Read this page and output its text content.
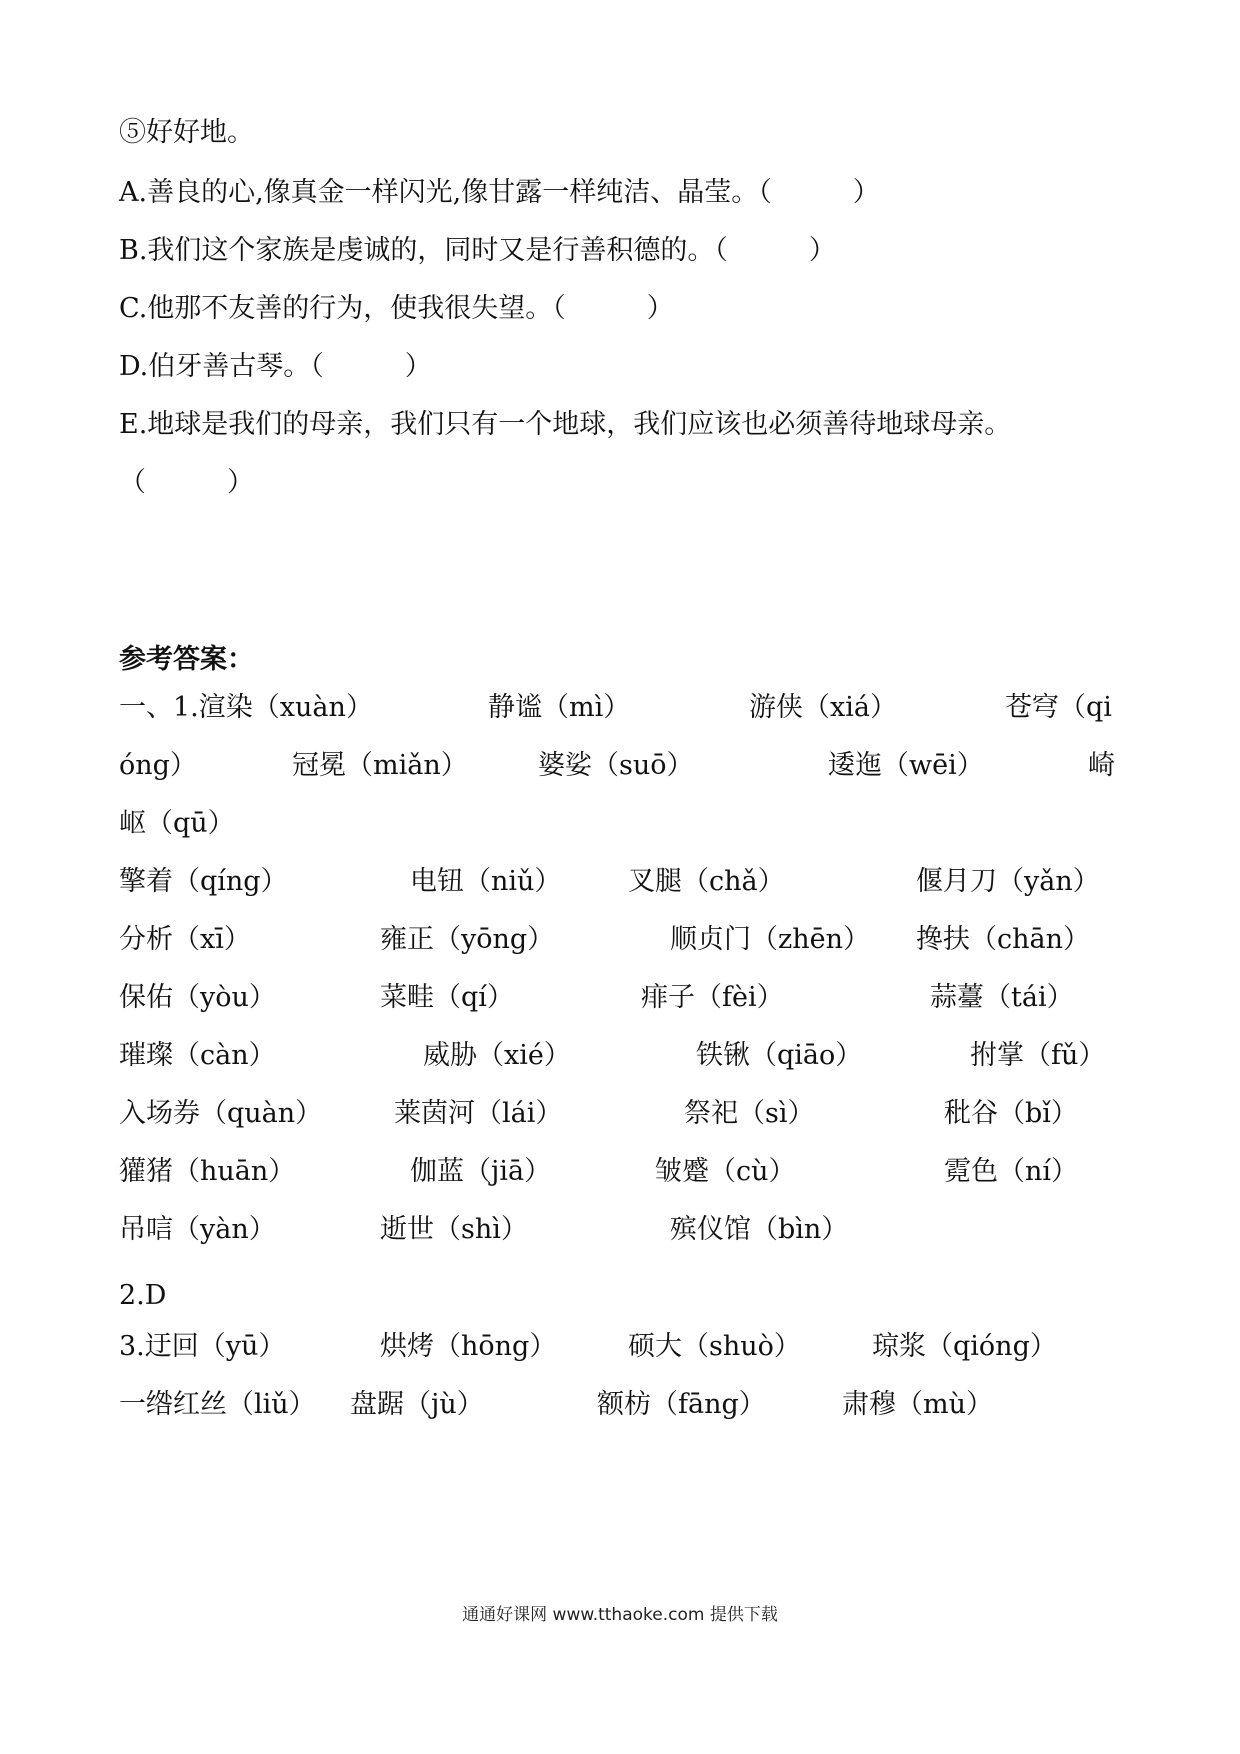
⑤好好地。
A.善良的心,像真金一样闪光,像甘露一样纯洁、晶莹。（　　　）
B.我们这个家族是虔诚的，同时又是行善积德的。（　　　）
C.他那不友善的行为，使我很失望。（　　　）
D.伯牙善古琴。（　　　）
E.地球是我们的母亲，我们只有一个地球，我们应该也必须善待地球母亲。
（　　　）
参考答案：
一、1.渲染（xuàn）	静谧（mì）	游侠（xiá）	苍穹（qi
óng）	冠冕（miǎn）	婆娑（suō）	逶迤（wēi）	崎
岖（qū）
擎着（qíng）	电钮（niǔ） 叉腿（chǎ）	偃月刀（yǎn）
分析（xī）	雍正（yōng）	顺贞门（zhēn） 搀扶（chān）
保佑（yòu）	菜畦（qí）	痱子（fèi）	蒜薹（tái）
璀璨（càn）	威胁（xié）	铁锹（qiāo）	拊掌（fǔ）
入场券（quàn）	莱茵河（lái）	祭祀（sì）	秕谷（bǐ）
獾猪（huān）	伽蓝（jiā）	皱蹙（cù）	霓色（ní）
吊唁（yàn）	逝世（shì）	殡仪馆（bìn）
2.D
3.迂回（yū）	烘烤（hōng）	硕大（shuò）	琼浆（qióng）
一绺红丝（liǔ） 盘踞（jù）	额枋（fāng）	肃穆（mù）
通通好课网 www.tthaoke.com 提供下载
